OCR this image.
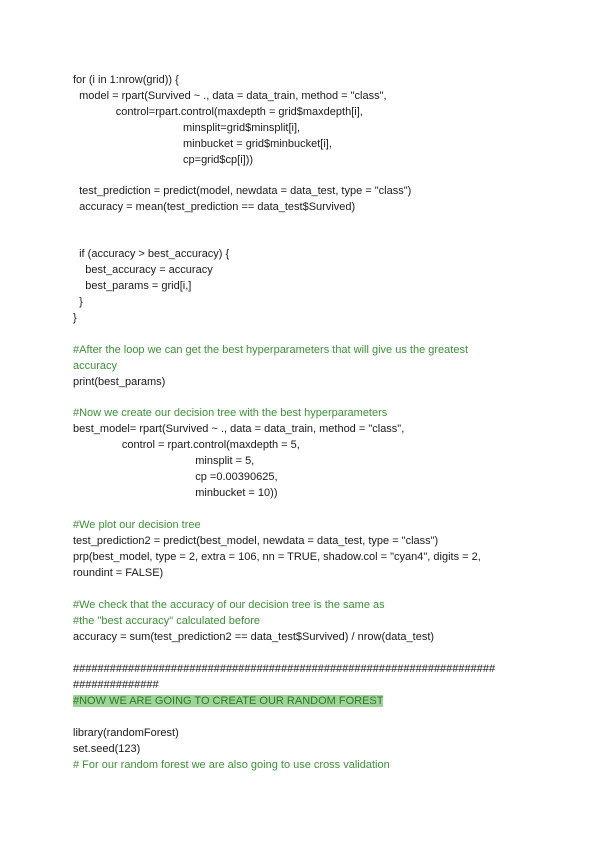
for (i in 1:nrow(grid)) {
model = rpart(Survived ~ ., data = data_train, method = "class",
control=rpart.control(maxdepth = grid$maxdepth[i],
minsplit=grid$minsplit[i],
minbucket = grid$minbucket[i],
cp=grid$cp[i]))
test_prediction = predict(model, newdata = data_test, type = "class")
accuracy = mean(test_prediction == data_test$Survived)
if (accuracy > best_accuracy) {
best_accuracy = accuracy
best_params = grid[i,]
}
}
#After the loop we can get the best hyperparameters that will give us the greatest
accuracy
print(best_params)
#Now we create our decision tree with the best hyperparameters
best_model= rpart(Survived ~ ., data = data_train, method = "class",
control = rpart.control(maxdepth = 5,
minsplit = 5,
cp =0.00390625,
minbucket = 10))
#We plot our decision tree
test_prediction2 = predict(best_model, newdata = data_test, type = "class")
prp(best_model, type = 2, extra = 106, nn = TRUE, shadow.col = "cyan4", digits = 2,
roundint = FALSE)
#We check that the accuracy of our decision tree is the same as
#the "best accuracy" calculated before
accuracy = sum(test_prediction2 == data_test$Survived) / nrow(data_test)
#####################################################################
##############
#NOW WE ARE GOING TO CREATE OUR RANDOM FOREST
library(randomForest)
set.seed(123)
# For our random forest we are also going to use cross validation
